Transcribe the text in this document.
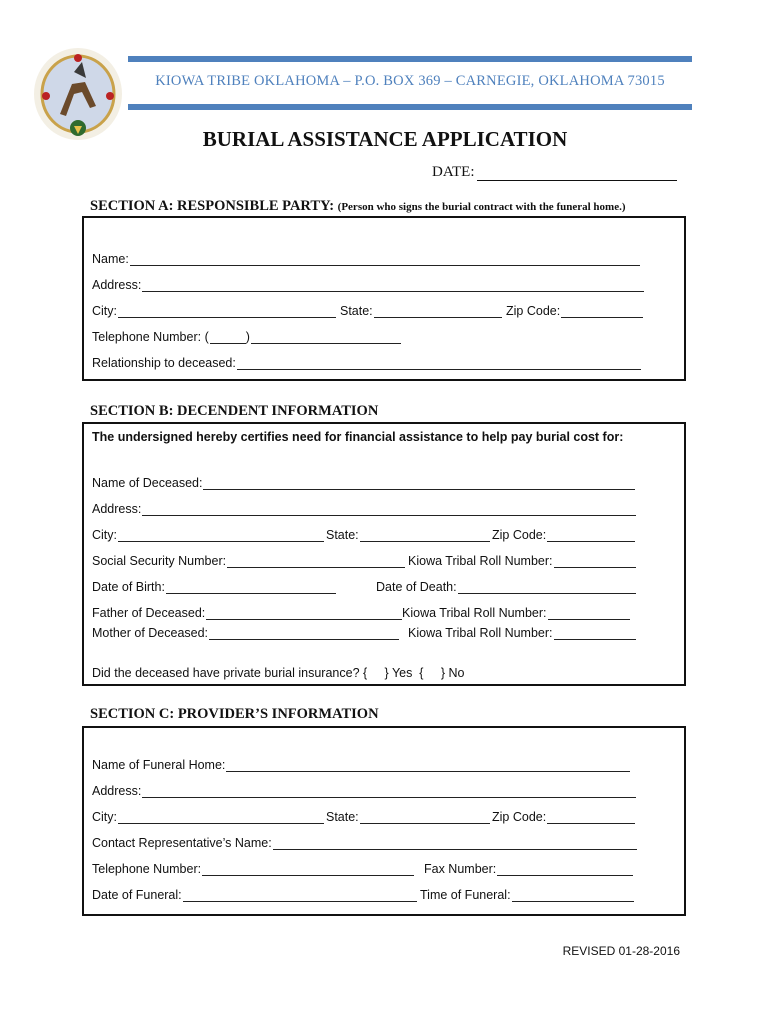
KIOWA TRIBE OKLAHOMA – P.O. BOX 369 – CARNEGIE, OKLAHOMA 73015
BURIAL ASSISTANCE APPLICATION
DATE:
SECTION A: RESPONSIBLE PARTY: (Person who signs the burial contract with the funeral home.)
Name:
Address:
City:	State:	Zip Code:
Telephone Number: (	)
Relationship to deceased:
SECTION B: DECENDENT INFORMATION
The undersigned hereby certifies need for financial assistance to help pay burial cost for:
Name of Deceased:
Address:
City:	State:	Zip Code:
Social Security Number:	Kiowa Tribal Roll Number:
Date of Birth:	Date of Death:
Father of Deceased:	Kiowa Tribal Roll Number:
Mother of Deceased:	Kiowa Tribal Roll Number:
Did the deceased have private burial insurance? {     } Yes  {     } No
SECTION C: PROVIDER’S INFORMATION
Name of Funeral Home:
Address:
City:	State:	Zip Code:
Contact Representative’s Name:
Telephone Number:	Fax Number:
Date of Funeral:	Time of Funeral:
REVISED 01-28-2016
